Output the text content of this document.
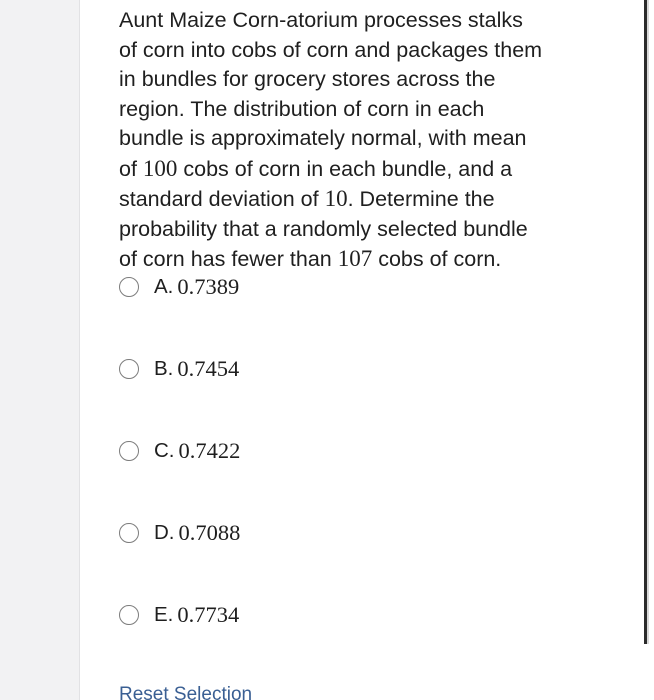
Aunt Maize Corn-atorium processes stalks
of corn into cobs of corn and packages them
in bundles for grocery stores across the
region. The distribution of corn in each
bundle is approximately normal, with mean
of 100 cobs of corn in each bundle, and a
standard deviation of 10. Determine the
probability that a randomly selected bundle
of corn has fewer than 107 cobs of corn.
A. 0.7389
B. 0.7454
C. 0.7422
D. 0.7088
E. 0.7734
Reset Selection
